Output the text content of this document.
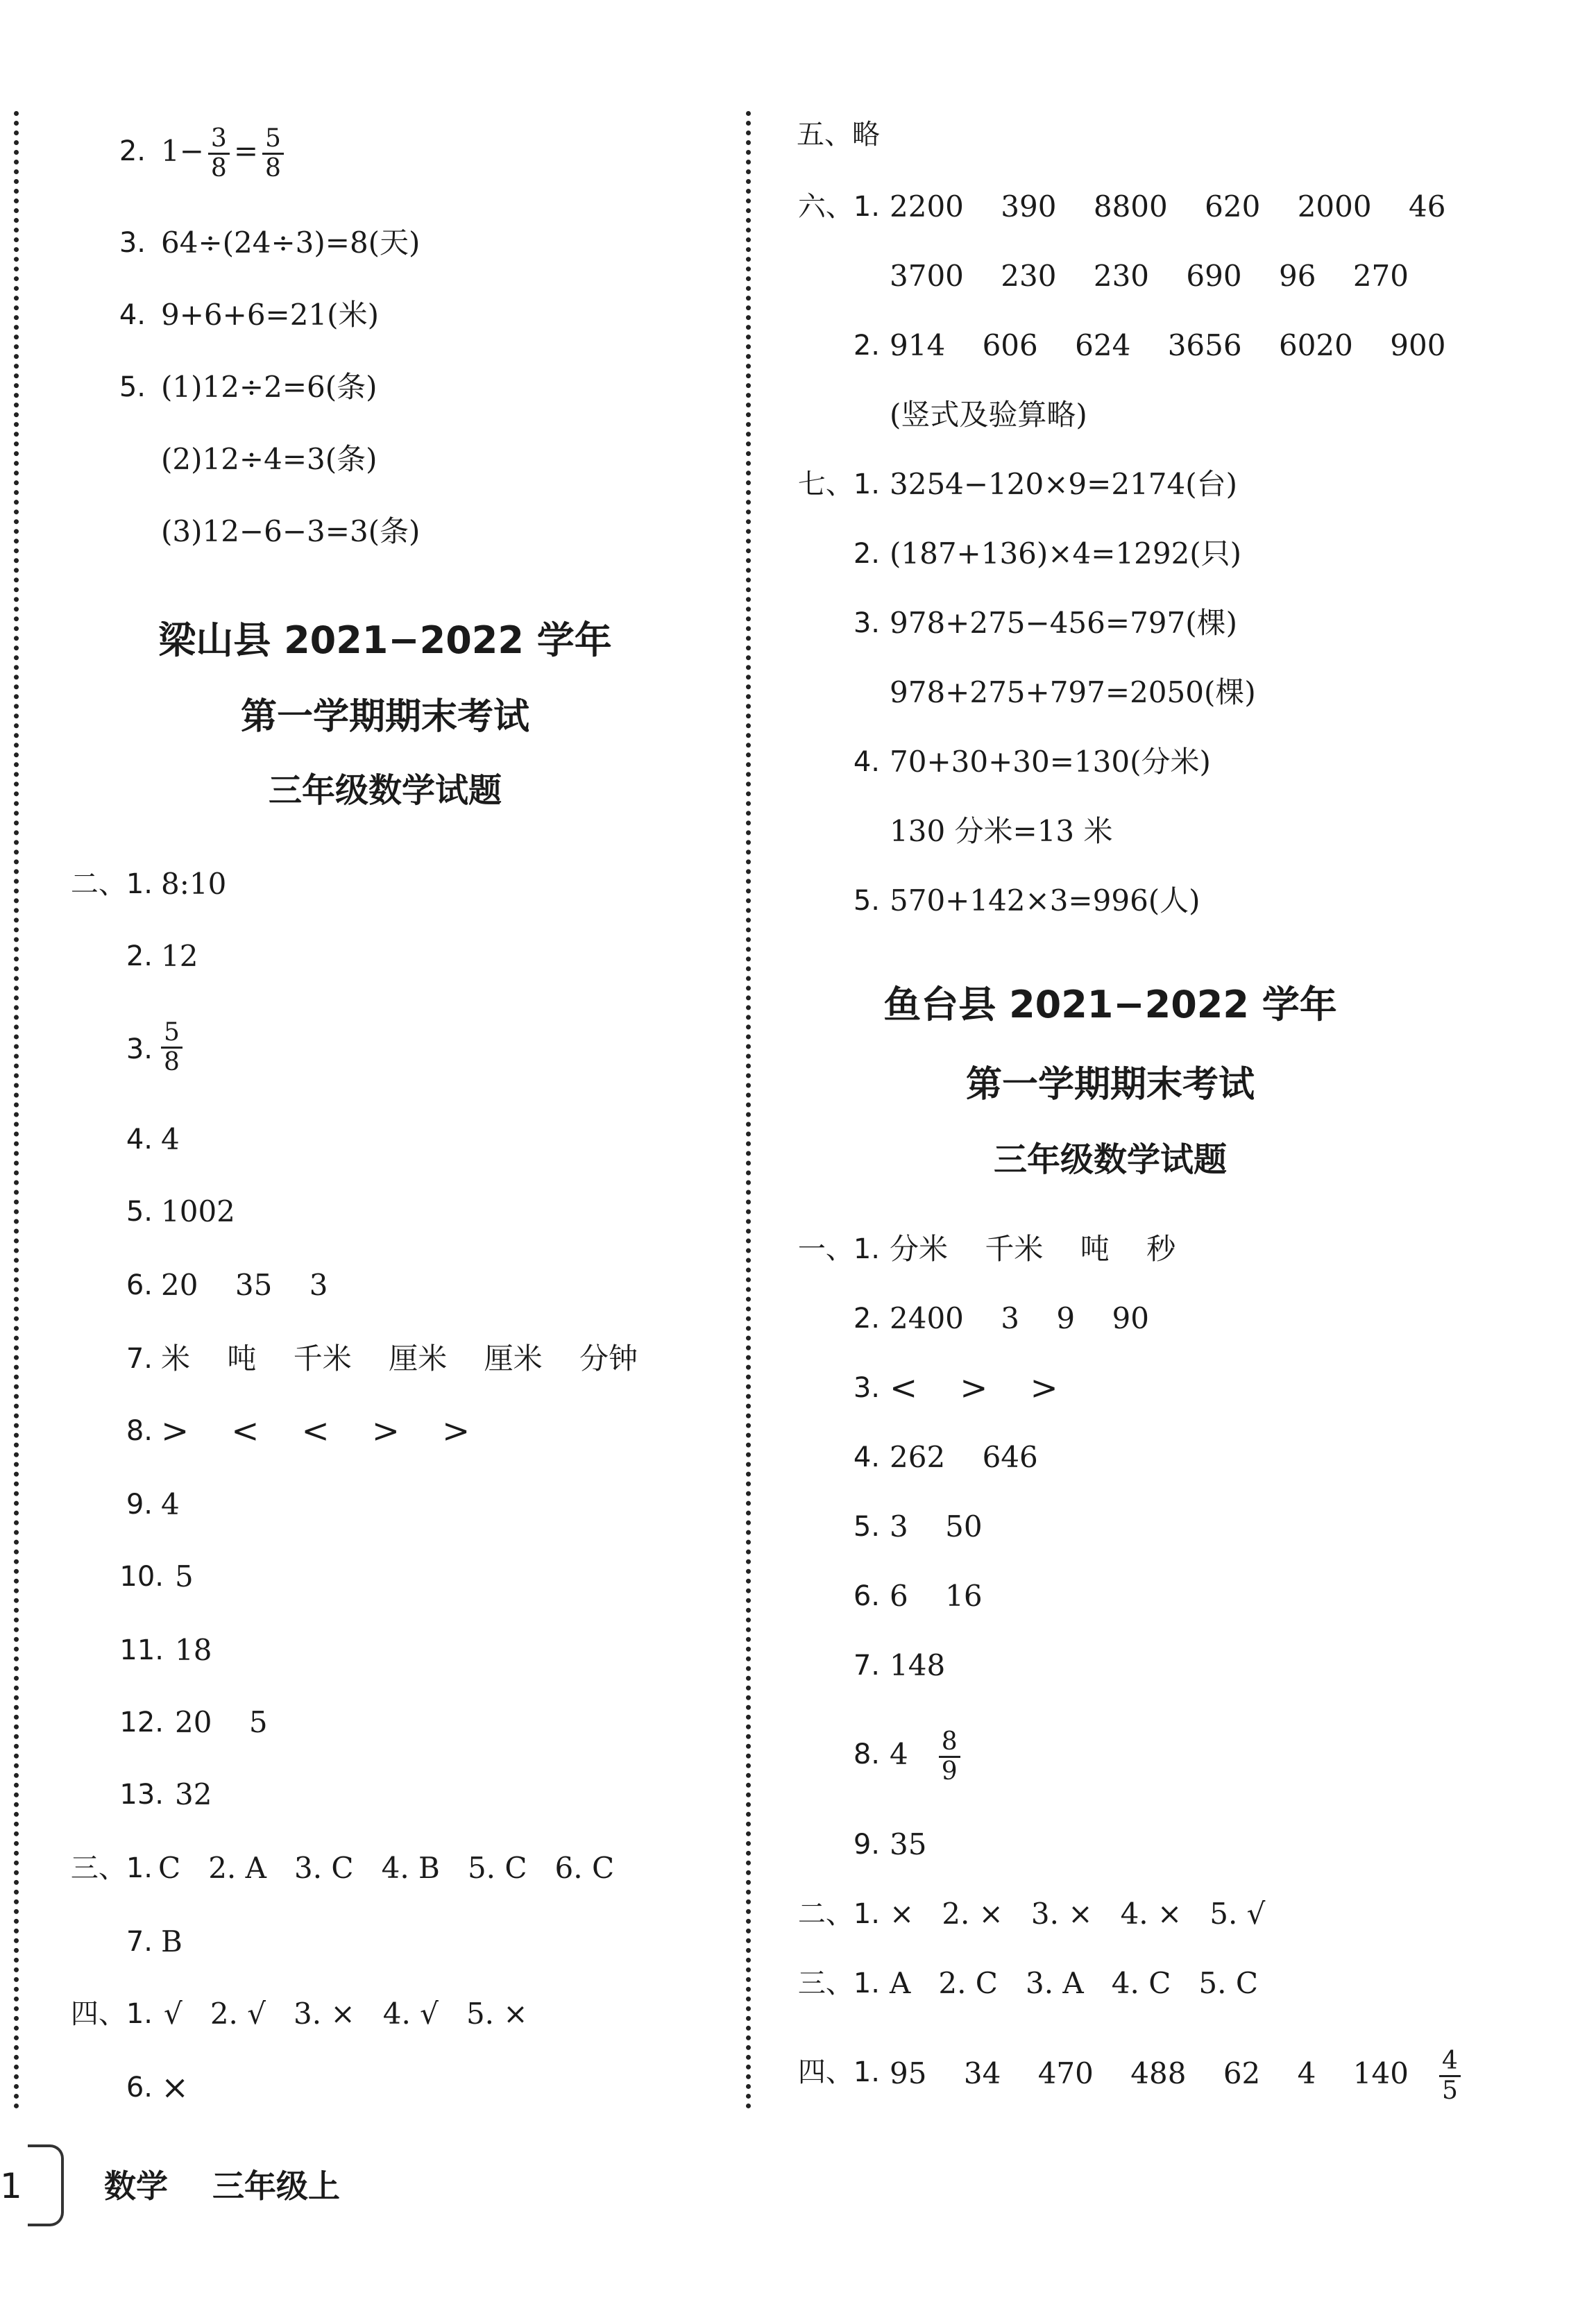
2. $1- \frac{3}{8} = \frac{5}{8}$
3. 64÷(24÷3)=8(天)
4. 9+6+6=21(米)
5. (1)12÷2=6(条)
(2)12÷4=3(条)
(3)12−6−3=3(条)
梁山县 2021−2022 学年
第一学期期末考试
三年级数学试题
二、1. 8:10
2. 12
3. $\frac{5}{8}$
4. 4
5. 1002
6. 20    35    3
7. 米    吨    千米    厘米    厘米    分钟
8. >    <    <    >    >
9. 4
10. 5
11. 18
12. 20    5
13. 32
三、1. C   2. A   3. C   4. B   5. C   6. C
7. B
四、1. √   2. √   3. ×   4. √   5. ×
6. ×
五、略
六、1. 2200    390    8800    620    2000    46
3700    230    230    690    96    270
2. 914    606    624    3656    6020    900
(竖式及验算略)
七、1. 3254−120×9=2174(台)
2. (187+136)×4=1292(只)
3. 978+275−456=797(棵)
978+275+797=2050(棵)
4. 70+30+30=130(分米)
130 分米=13 米
5. 570+142×3=996(人)
鱼台县 2021−2022 学年
第一学期期末考试
三年级数学试题
一、1. 分米    千米    吨    秒
2. 2400    3    9    90
3. <    >    >
4. 262    646
5. 3    50
6. 6    16
7. 148
8. $4 \frac{8}{9}$
9. 35
二、1. ×   2. ×   3. ×   4. ×   5. √
三、1. A   2. C   3. A   4. C   5. C
四、1. 95    34    470    488    62    4    $140 \frac{4}{5}$
1	数学    三年级上
